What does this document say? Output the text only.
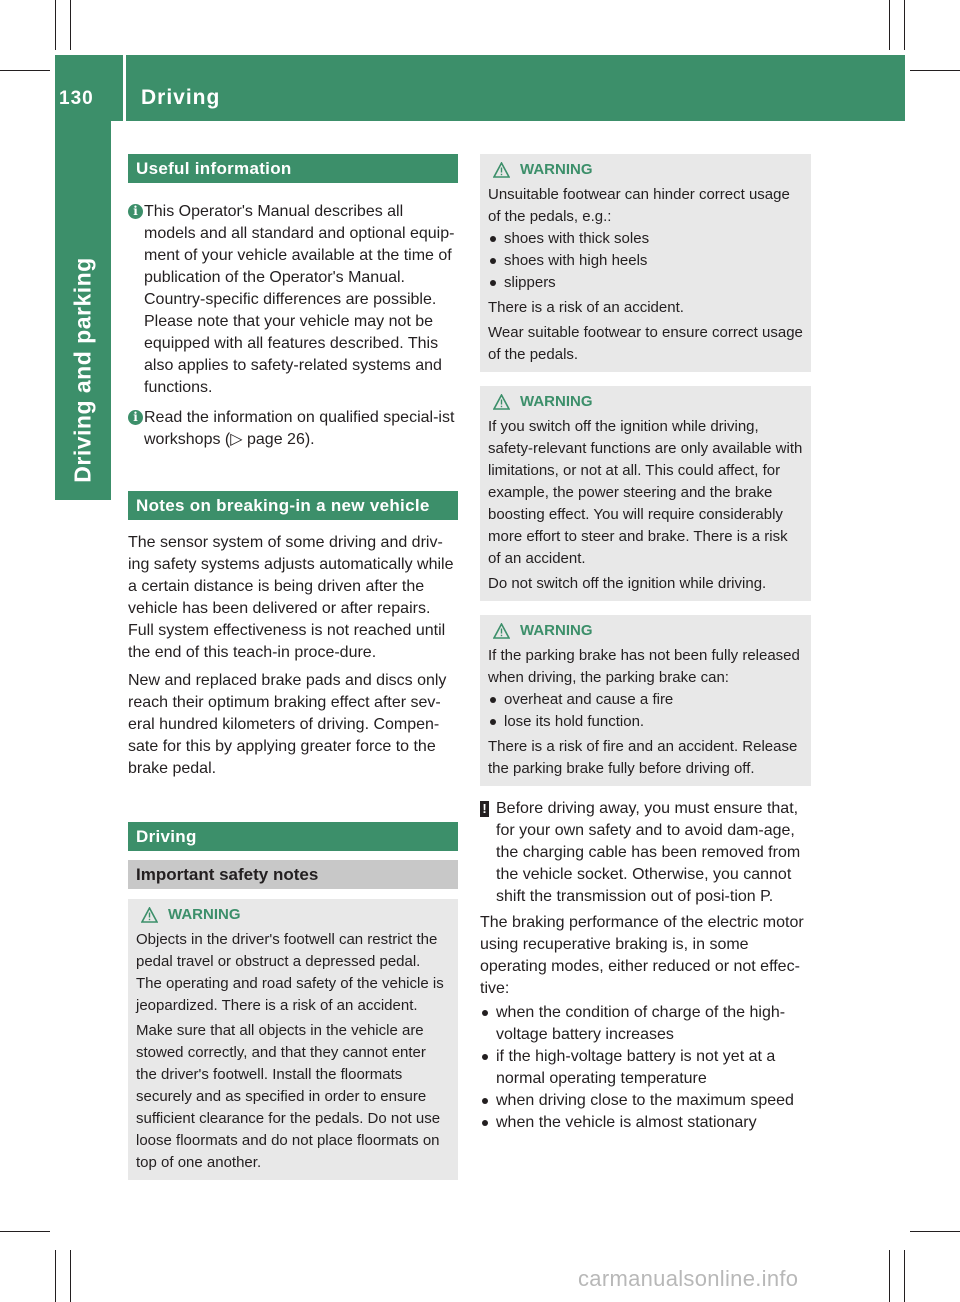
130 Driving
Driving and parking
Useful information
i This Operator's Manual describes all models and all standard and optional equip-ment of your vehicle available at the time of publication of the Operator's Manual. Country-specific differences are possible. Please note that your vehicle may not be equipped with all features described. This also applies to safety-related systems and functions.

i Read the information on qualified special-ist workshops (▷ page 26).

Notes on breaking-in a new vehicle

The sensor system of some driving and driv-ing safety systems adjusts automatically while a certain distance is being driven after the vehicle has been delivered or after repairs. Full system effectiveness is not reached until the end of this teach-in proce-dure.

New and replaced brake pads and discs only reach their optimum braking effect after sev-eral hundred kilometers of driving. Compen-sate for this by applying greater force to the brake pedal.

Driving
Important safety notes
WARNING

Objects in the driver's footwell can restrict the pedal travel or obstruct a depressed pedal. The operating and road safety of the vehicle is jeopardized. There is a risk of an accident.

Make sure that all objects in the vehicle are stowed correctly, and that they cannot enter the driver's footwell. Install the floormats securely and as specified in order to ensure sufficient clearance for the pedals. Do not use loose floormats and do not place floormats on top of one another.

WARNING

Unsuitable footwear can hinder correct usage of the pedals, e.g.:

shoes with thick soles
shoes with high heels
slippers

There is a risk of an accident.

Wear suitable footwear to ensure correct usage of the pedals.

WARNING

If you switch off the ignition while driving, safety-relevant functions are only available with limitations, or not at all. This could affect, for example, the power steering and the brake boosting effect. You will require considerably more effort to steer and brake. There is a risk of an accident.

Do not switch off the ignition while driving.

WARNING

If the parking brake has not been fully released when driving, the parking brake can:

overheat and cause a fire
lose its hold function.

There is a risk of fire and an accident. Release the parking brake fully before driving off.

! Before driving away, you must ensure that, for your own safety and to avoid dam-age, the charging cable has been removed from the vehicle socket. Otherwise, you cannot shift the transmission out of posi-tion P.

The braking performance of the electric motor using recuperative braking is, in some operating modes, either reduced or not effec-tive:

when the condition of charge of the high-voltage battery increases
if the high-voltage battery is not yet at a normal operating temperature
when driving close to the maximum speed
when the vehicle is almost stationary
carmanualsonline.info
